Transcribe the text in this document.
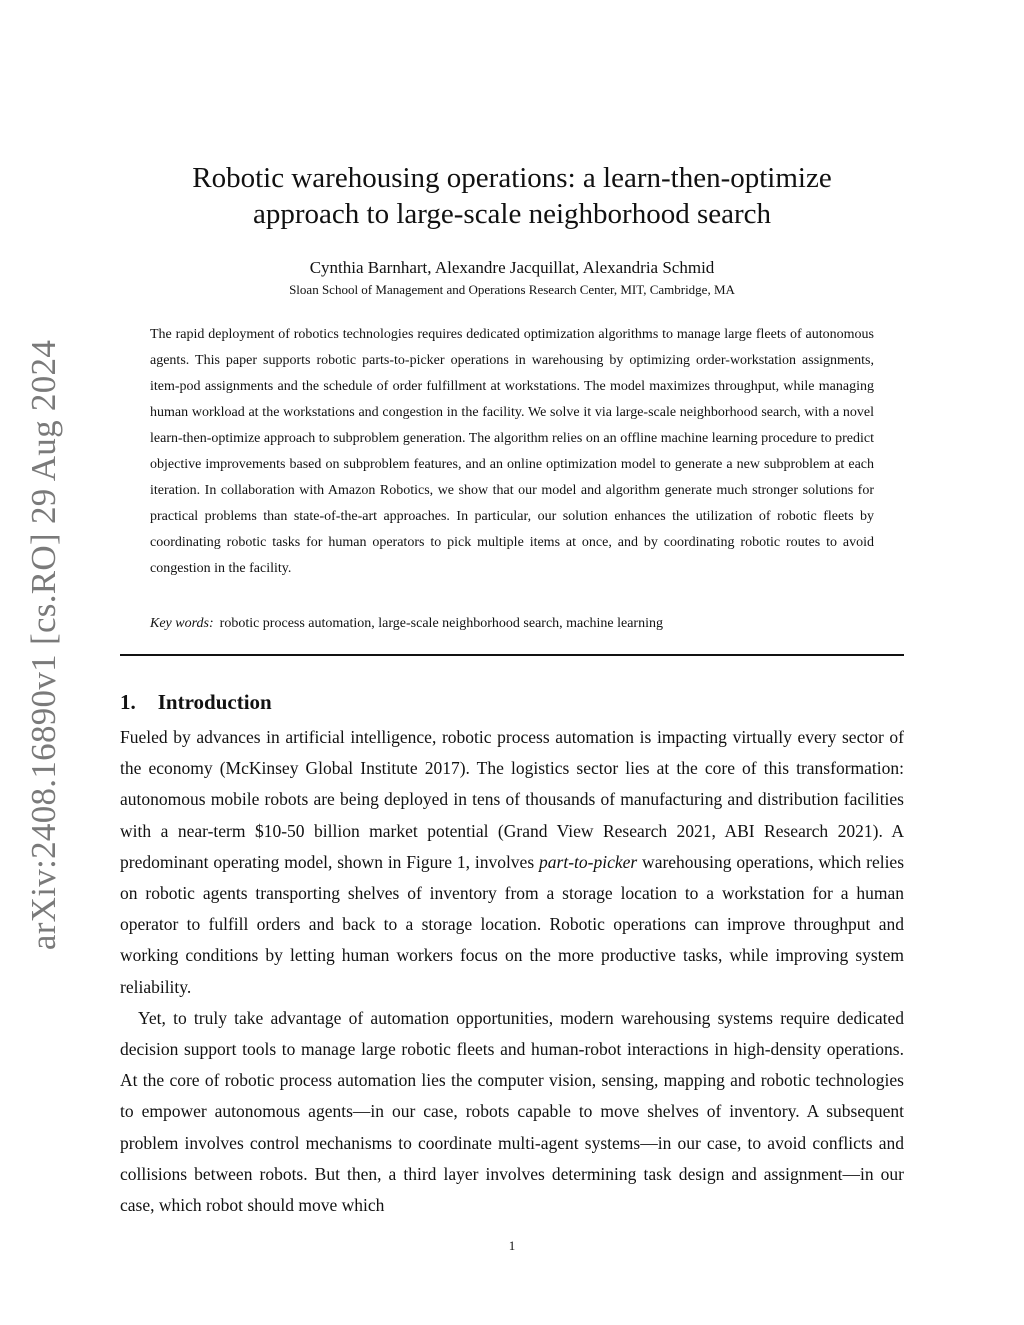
arXiv:2408.16890v1 [cs.RO] 29 Aug 2024
Robotic warehousing operations: a learn-then-optimize
approach to large-scale neighborhood search
Cynthia Barnhart, Alexandre Jacquillat, Alexandria Schmid
Sloan School of Management and Operations Research Center, MIT, Cambridge, MA

The rapid deployment of robotics technologies requires dedicated optimization algorithms to manage large fleets of autonomous agents. This paper supports robotic parts-to-picker operations in warehousing by optimizing order-workstation assignments, item-pod assignments and the schedule of order fulfillment at workstations. The model maximizes throughput, while managing human workload at the workstations and congestion in the facility. We solve it via large-scale neighborhood search, with a novel learn-then-optimize approach to subproblem generation. The algorithm relies on an offline machine learning procedure to predict objective improvements based on subproblem features, and an online optimization model to generate a new subproblem at each iteration. In collaboration with Amazon Robotics, we show that our model and algorithm generate much stronger solutions for practical problems than state-of-the-art approaches. In particular, our solution enhances the utilization of robotic fleets by coordinating robotic tasks for human operators to pick multiple items at once, and by coordinating robotic routes to avoid congestion in the facility.

Key words: robotic process automation, large-scale neighborhood search, machine learning
1. Introduction

Fueled by advances in artificial intelligence, robotic process automation is impacting virtually every sector of the economy (McKinsey Global Institute 2017). The logistics sector lies at the core of this transformation: autonomous mobile robots are being deployed in tens of thousands of manufacturing and distribution facilities with a near-term $10-50 billion market potential (Grand View Research 2021, ABI Research 2021). A predominant operating model, shown in Figure 1, involves part-to-picker warehousing operations, which relies on robotic agents transporting shelves of inventory from a storage location to a workstation for a human operator to fulfill orders and back to a storage location. Robotic operations can improve throughput and working conditions by letting human workers focus on the more productive tasks, while improving system reliability.

Yet, to truly take advantage of automation opportunities, modern warehousing systems require dedicated decision support tools to manage large robotic fleets and human-robot interactions in high-density operations. At the core of robotic process automation lies the computer vision, sensing, mapping and robotic technologies to empower autonomous agents—in our case, robots capable to move shelves of inventory. A subsequent problem involves control mechanisms to coordinate multi-agent systems—in our case, to avoid conflicts and collisions between robots. But then, a third layer involves determining task design and assignment—in our case, which robot should move which

1
